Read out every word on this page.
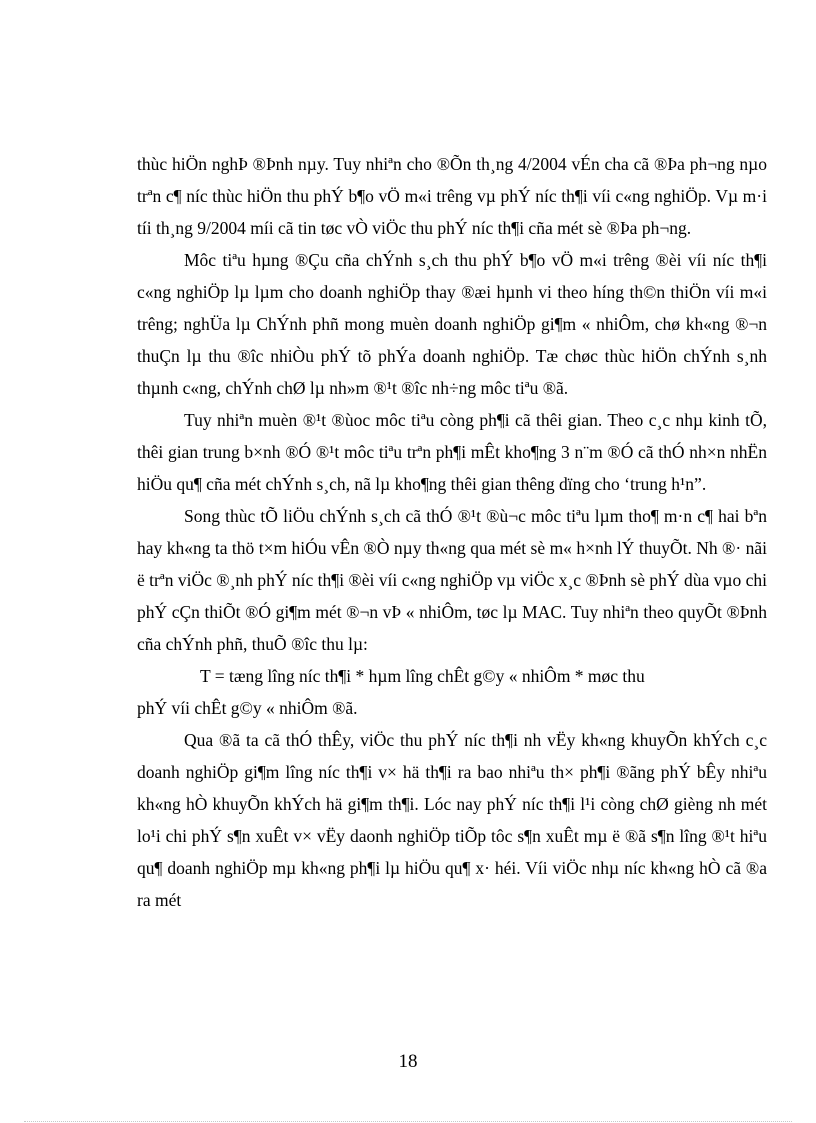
thùc hiÖn nghÞ ®Þnh nµy. Tuy nhiªn cho ®Õn th¸ng 4/2004 vÉn cha cã ®Þa ph¬ng nµo trªn c¶ níc thùc hiÖn thu phÝ b¶o vÖ m«i trêng vµ phÝ níc th¶i víi c«ng nghiÖp. Vµ m·i tíi th¸ng 9/2004 míi cã tin tøc vÒ viÖc thu phÝ níc th¶i cña mét sè ®Þa ph¬ng.

Môc tiªu hµng ®Çu cña chÝnh s¸ch thu phÝ b¶o vÖ m«i trêng ®èi víi níc th¶i c«ng nghiÖp lµ lµm cho doanh nghiÖp thay ®æi hµnh vi theo híng th©n thiÖn víi m«i trêng; nghÜa lµ ChÝnh phñ mong muèn doanh nghiÖp gi¶m « nhiÔm, chø kh«ng ®¬n thuÇn lµ thu ®îc nhiÒu phÝ tõ phÝa doanh nghiÖp. Tæ chøc thùc hiÖn chÝnh s¸nh thµnh c«ng, chÝnh chØ lµ nh»m ®¹t ®îc nh÷ng môc tiªu ®ã.

Tuy nhiªn muèn ®¹t ®ùoc môc tiªu còng ph¶i cã thêi gian. Theo c¸c nhµ kinh tÕ, thêi gian trung b×nh ®Ó ®¹t môc tiªu trªn ph¶i mÊt kho¶ng 3 n¨m ®Ó cã thÓ nh×n nhËn hiÖu qu¶ cña mét chÝnh s¸ch, nã lµ kho¶ng thêi gian thêng dïng cho ‘trung h¹n”.

Song thùc tÕ liÖu chÝnh s¸ch cã thÓ ®¹t ®ù¬c môc tiªu lµm tho¶ m·n c¶ hai bªn hay kh«ng ta thö t×m hiÓu vÊn ®Ò nµy th«ng qua mét sè m« h×nh lÝ thuyÕt. Nh ®· nãi ë trªn viÖc ®¸nh phÝ níc th¶i ®èi víi c«ng nghiÖp vµ viÖc x¸c ®Þnh sè phÝ dùa vµo chi phÝ cÇn thiÕt ®Ó gi¶m mét ®¬n vÞ « nhiÔm, tøc lµ MAC. Tuy nhiªn theo quyÕt ®Þnh cña chÝnh phñ, thuÕ ®îc thu lµ:

T = tæng lîng níc th¶i * hµm lîng chÊt g©y « nhiÔm * møc thu

phÝ víi chÊt g©y « nhiÔm ®ã.

Qua ®ã ta cã thÓ thÊy, viÖc thu phÝ níc th¶i nh vËy kh«ng khuyÕn khÝch c¸c doanh nghiÖp gi¶m lîng níc th¶i v× hä th¶i ra bao nhiªu th× ph¶i ®ãng phÝ bÊy nhiªu kh«ng hÒ khuyÕn khÝch hä gi¶m th¶i. Lóc nay phÝ níc th¶i l¹i còng chØ gièng nh mét lo¹i chi phÝ s¶n xuÊt v× vËy daonh nghiÖp tiÕp tôc s¶n xuÊt mµ ë ®ã s¶n lîng ®¹t hiªu qu¶ doanh nghiÖp mµ kh«ng ph¶i lµ hiÖu qu¶ x· héi. Víi viÖc nhµ níc kh«ng hÒ cã ®a ra mét

18
